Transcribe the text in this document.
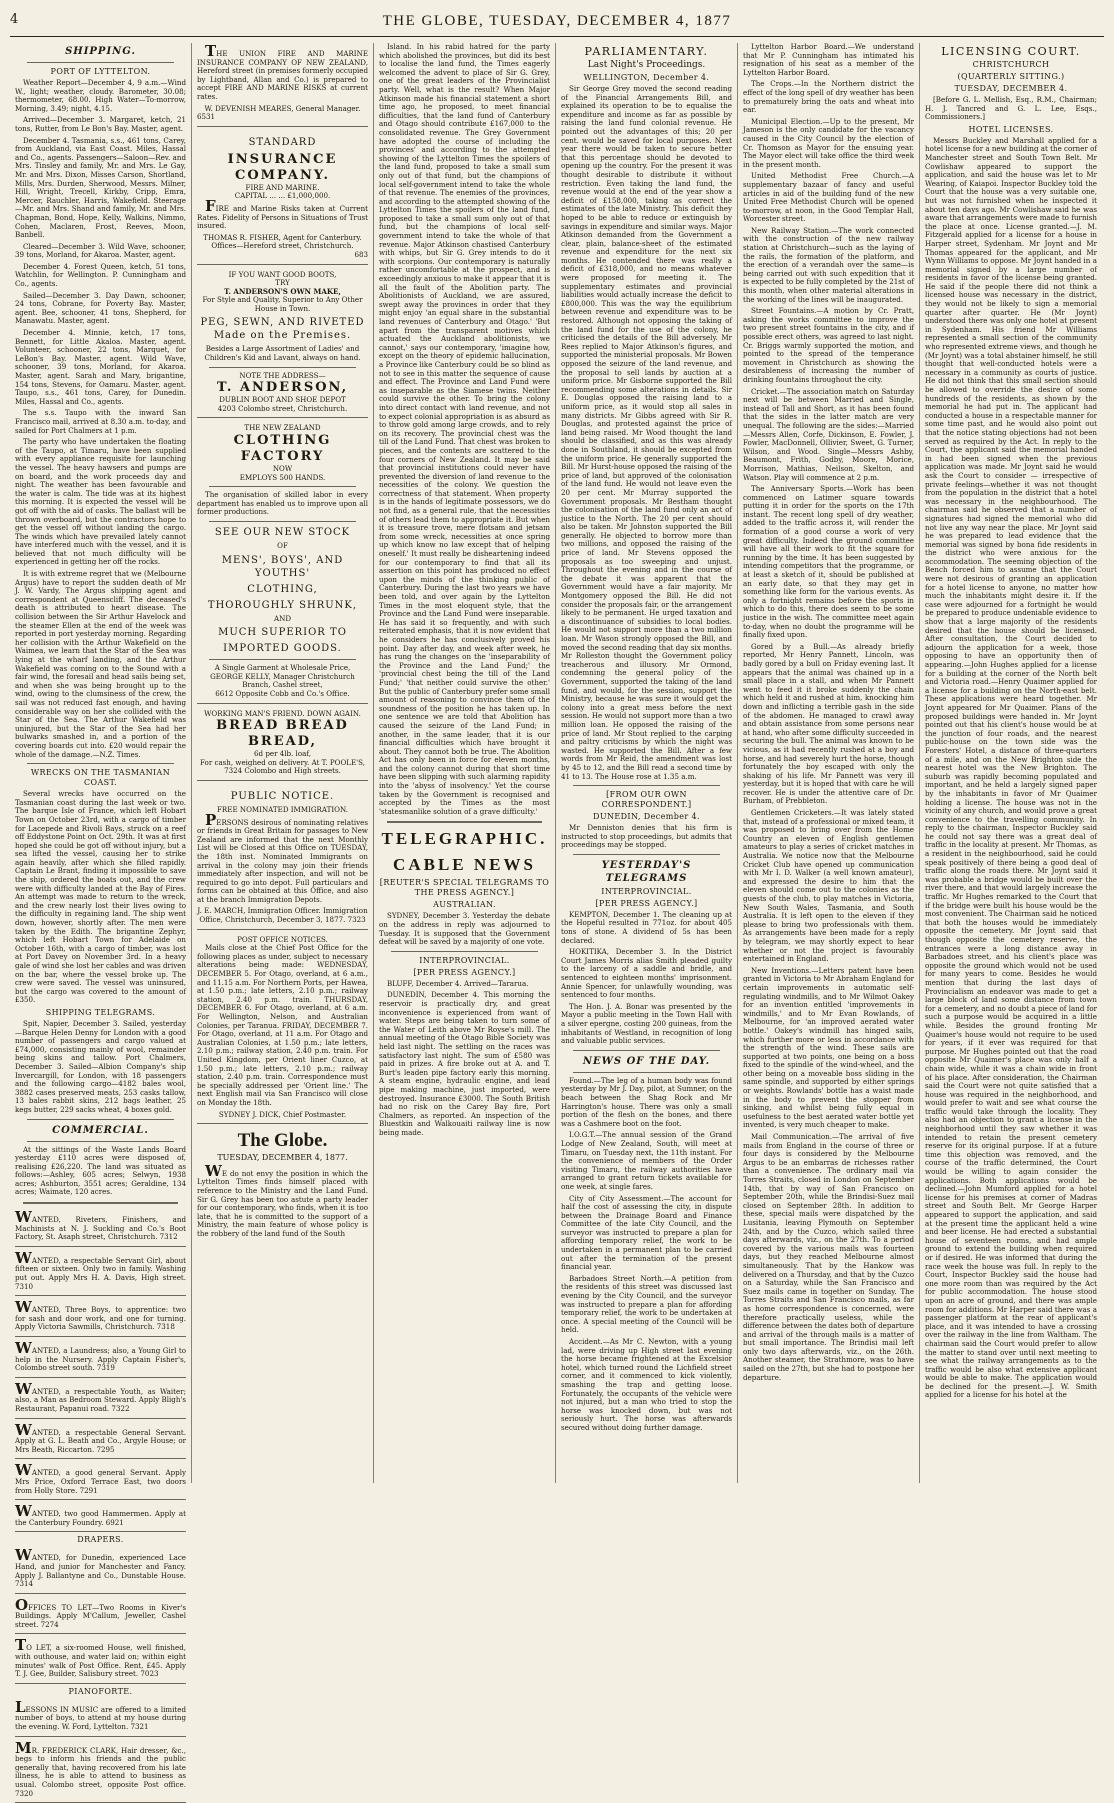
4	THE GLOBE, TUESDAY, DECEMBER 4, 1877
SHIPPING.
PORT OF LYTTELTON.

Weather Report—December 4, 9 a.m.—Wind W., light; weather, cloudy. Barometer, 30.08; thermometer, 68.00. High Water—To-morrow, Morning, 3.49; night, 4.15.

Arrived—December 3. Margaret, ketch, 21 tons, Rutter, from Le Bon's Bay. Master, agent.

December 4. Tasmania, s.s., 461 tons, Carey, from Auckland, via East Coast. Miles, Hassal and Co., agents. Passengers—Saloon—Rev. and Mrs. Tinsley and family, Mr. and Mrs. Le Gay, Mr. and Mrs. Dixon, Misses Carson, Shortland, Mills, Mrs. Durden, Sherwood, Messrs. Milner, Hill, Wright, Trecell, Kirkby, Cripp, Emra, Mercer, Rauchler, Harris, Wakefield. Steerage—Mr. and Mrs. Shand and family, Mr. and Mrs. Chapman, Bond, Hope, Kelly, Walkins, Nimmo, Cohen, Maclaren, Frost, Reeves, Moon, Banbell.

Cleared—December 3. Wild Wave, schooner, 39 tons, Morland, for Akaroa. Master, agent.

December 4. Forest Queen, ketch, 51 tons, Watchlin, for Wellington. P. Cunningham and Co., agents.

Sailed—December 3. Day Dawn, schooner, 24 tons, Cobrane, for Poverty Bay. Master, agent. Bee, schooner, 41 tons, Shepherd, for Manawatu. Master, agent.

December 4. Minnie, ketch, 17 tons, Bennett, for Little Akaloa. Master, agent. Volunteer, schooner, 22 tons, Marquet, for LeBon's Bay. Master, agent. Wild Wave, schooner, 39 tons, Morland, for Akaroa. Master, agent. Sarah and Mary, brigantine, 154 tons, Stevens, for Oamaru. Master, agent. Taupo, s.s., 461 tons, Carey, for Dunedin. Miles, Hassal and Co., agents.

The s.s. Taupo with the inward San Francisco mail, arrived at 8.30 a.m. to-day, and sailed for Port Chalmers at 1 p.m.

The party who have undertaken the floating of the Taupo, at Timaru, have been supplied with every appliance requisite for launching the vessel. The heavy hawsers and pumps are on board, and the work proceeds day and night. The weather has been favourable and the water is calm. The tide was at its highest this morning. It is expected the vessel will be got off with the aid of casks. The ballast will be thrown overboard, but the contractors hope to get the vessel off without landing the cargo. The winds which have prevailed lately cannot have interfered much with the vessel, and it is believed that not much difficulty will be experienced in getting her off the rocks.

It is with extreme regret that we (Melbourne Argus) have to report the sudden death of Mr J. W. Vardy, The Argus shipping agent and correspondent at Queenscliff. The deceased's death is attributed to heart disease. The collision between the Sir Arthur Havelock and the steamer Ellen at the end of the week was reported in port yesterday morning. Regarding her collision with the Arthur Wakefield on the Waimea, we learn that the Star of the Sea was lying at the wharf landing, and the Arthur Wakefield was coming on to the Sound with a fair wind, the foresail and head sails being set, and when she was being brought up to the wind, owing to the clumsiness of the crew, the sail was not reduced fast enough, and having considerable way on her she collided with the Star of the Sea. The Arthur Wakefield was uninjured, but the Star of the Sea had her bulwarks smashed in, and a portion of the covering boards cut into. £20 would repair the whole of the damage.—N.Z. Times.

WRECKS ON THE TASMANIAN COAST.

Several wrecks have occurred on the Tasmanian coast during the last week or two. The barque Isle of France, which left Hobart Town on October 23rd, with a cargo of timber for Lacepede and Rivoli Bays, struck on a reef off Eddystone Point on Oct. 29th. It was at first hoped she could be got off without injury, but a sea lifted the vessel, causing her to strike again heavily, after which she filled rapidly. Captain Le Brant, finding it impossible to save the ship, ordered the boats out, and the crew were with difficulty landed at the Bay of Fires. An attempt was made to return to the wreck, and the crew nearly lost their lives owing to the difficulty in regaining land. The ship went down, however, shortly after. The men were taken by the Edith. The brigantine Zephyr, which left Hobart Town for Adelaide on October 16th, with a cargo of timber, was lost at Port Davey on November 3rd. In a heavy gale of wind she lost her cables and was driven on the bar, where the vessel broke up. The crew were saved. The vessel was uninsured, but the cargo was covered to the amount of £350.

SHIPPING TELEGRAMS.

Spit, Napier, December 3. Sailed, yesterday—Barque Helen Denny for London with a good number of passengers and cargo valued at £74,000, consisting mainly of wool, remainder being skins and tallow. Port Chalmers, December 3. Sailed—Albion Company's ship Invercargill, for London, with 18 passengers and the following cargo—4182 bales wool, 3882 cases preserved meats, 253 casks tallow, 13 bales rabbit skins, 212 bags leather, 25 kegs butter, 229 sacks wheat, 4 boxes gold.

COMMERCIAL.

At the sittings of the Waste Lands Board yesterday £110 acres were disposed of, realising £26,220. The land was situated as follows:—Ashley, 605 acres; Selwyn, 1938 acres; Ashburton, 3551 acres; Geraldine, 134 acres; Waimate, 120 acres.

WANTED, Riveters, Finishers, and Machinists at N. J. Suckling and Co.'s Boot Factory, St. Asaph street, Christchurch. 7312
WANTED, a respectable Servant Girl, about fifteen or sixteen. Only two in family. Washing put out. Apply Mrs H. A. Davis, High street. 7310
WANTED, Three Boys, to apprentice: two for sash and door work, and one for turning. Apply Victoria Sawmills, Christchurch. 7318
WANTED, a Laundress; also, a Young Girl to help in the Nursery. Apply Captain Fisher's, Colombo street south. 7319
WANTED, a respectable Youth, as Waiter; also, a Man as Bedroom Steward. Apply Bligh's Restaurant, Papanui road. 7322
WANTED, a respectable General Servant. Apply at G. L. Beath and Co., Argyle House; or Mrs Beath, Riccarton. 7295
WANTED, a good general Servant. Apply Mrs Price, Oxford Terrace East, two doors from Holly Store. 7291
WANTED, two good Hammermen. Apply at the Canterbury Foundry. 6921
DRAPERS.
WANTED, for Dunedin, experienced Lace Hand, and junior for Manchester and Fancy. Apply J. Ballantyne and Co., Dunstable House. 7314
OFFICES TO LET—Two Rooms in Kiver's Buildings. Apply M'Callum, Jeweller, Cashel street. 7274
TO LET, a six-roomed House, well finished, with outhouse, and water laid on; within eight minutes' walk of Post Office. Rent, £45. Apply T. J. Gee, Builder, Salisbury street. 7023
PIANOFORTE.
LESSONS IN MUSIC are offered to a limited number of boys, to attend at my house during the evening. W. Ford, Lyttelton. 7321
MR. FREDERICK CLARK, Hair dresser, &c., begs to inform his friends and the public generally that, having recovered from his late illness, he is able to attend to business as usual. Colombo street, opposite Post office. 7320

THE UNION FIRE AND MARINE INSURANCE COMPANY OF NEW ZEALAND, Hereford street (in premises formerly occupied by Lightband, Allan and Co.) is prepared to accept FIRE AND MARINE RISKS at current rates.

W. DEVENISH MEARES, General Manager.
6531
STANDARD
INSURANCE COMPANY.
FIRE AND MARINE.
CAPITAL ... ... £1,000,000.

FIRE and Marine Risks taken at Current Rates. Fidelity of Persons in Situations of Trust insured.

THOMAS R. FISHER, Agent for Canterbury. Offices—Hereford street, Christchurch.
683
IF YOU WANT GOOD BOOTS,
TRY
T. ANDERSON'S OWN MAKE,
For Style and Quality, Superior to Any Other House in Town.
PEG, SEWN, AND RIVETED Made on the Premises.
Besides a Large Assortment of Ladies' and Children's Kid and Lavant, always on hand.
NOTE THE ADDRESS—
T. ANDERSON,
DUBLIN BOOT AND SHOE DEPOT
4203 Colombo street, Christchurch.
THE NEW ZEALAND
CLOTHING FACTORY
NOW
EMPLOYS 500 HANDS.

The organisation of skilled labor in every department has enabled us to improve upon all former productions.

SEE OUR NEW STOCK
OF
MENS', BOYS', AND YOUTHS'
CLOTHING,
THOROUGHLY SHRUNK,
AND
MUCH SUPERIOR TO
IMPORTED GOODS.
A Single Garment at Wholesale Price,
GEORGE KELLY, Manager Christchurch Branch, Cashel street,
6612 Opposite Cobb and Co.'s Office.
WORKING MAN'S FRIEND. DOWN AGAIN.
BREAD BREAD BREAD,
6d per 4lb. loaf,
For cash, weighed on delivery. At T. POOLE'S,
7324 Colombo and High streets.
PUBLIC NOTICE.
FREE NOMINATED IMMIGRATION.

PERSONS desirous of nominating relatives or friends in Great Britain for passages to New Zealand are informed that the next Monthly List will be Closed at this Office on TUESDAY, the 18th inst. Nominated Immigrants on arrival in the colony may join their friends immediately after inspection, and will not be required to go into depot. Full particulars and forms can be obtained at this Office, and also at the branch Immigration Depots.

J. E. MARCH, Immigration Officer. Immigration Office, Christchurch, December 3, 1877. 7323
POST OFFICE NOTICES.

Mails close at the Chief Post Office for the following places as under, subject to necessary alterations being made: WEDNESDAY, DECEMBER 5. For Otago, overland, at 6 a.m., and 11.15 a.m. For Northern Ports, per Hawea, at 1.50 p.m.; late letters, 2.10 p.m.; railway station, 2.40 p.m. train. THURSDAY, DECEMBER 6. For Otago, overland, at 6 a.m. For Wellington, Nelson, and Australian Colonies, per Taranua. FRIDAY, DECEMBER 7. For Otago, overland, at 11 a.m. For Otago and Australian Colonies, at 1.50 p.m.; late letters, 2.10 p.m.; railway station, 2.40 p.m. train. For United Kingdom, per Orient liner Cuzco, at 1.50 p.m.; late letters, 2.10 p.m.; railway station, 2.40 p.m. train. Correspondence must be specially addressed per 'Orient line.' The next English mail via San Francisco will close on Monday the 18th.

SYDNEY J. DICK, Chief Postmaster.
The Globe.
TUESDAY, DECEMBER 4, 1877.

WE do not envy the position in which the Lyttelton Times finds himself placed with reference to the Ministry and the Land Fund. Sir G. Grey has been too astute a party leader for our contemporary, who finds, when it is too late, that he is committed to the support of a Ministry, the main feature of whose policy is the robbery of the land fund of the South

Island. In his rabid hatred for the party which abolished the provinces, but did its best to localise the land fund, the Times eagerly welcomed the advent to place of Sir G. Grey, one of the great leaders of the Provincialist party. Well, what is the result? When Major Atkinson made his financial statement a short time ago, he proposed, to meet financial difficulties, that the land fund of Canterbury and Otago should contribute £167,000 to the consolidated revenue. The Grey Government have adopted the course of including the provinces' and according to the attempted showing of the Lyttelton Times the spoilers of the land fund, proposed to take a small sum only out of that fund, but the champions of local self-government intend to take the whole of that revenue. The enemies of the provinces, and according to the attempted showing of the Lyttelton Times the spoilers of the land fund, proposed to take a small sum only out of that fund, but the champions of local self-government intend to take the whole of that revenue. Major Atkinson chastised Canterbury with whips, but Sir G. Grey intends to do it with scorpions. Our contemporary is naturally rather uncomfortable at the prospect, and is exceedingly anxious to make it appear that it is all the fault of the Abolition party. The Abolitionists of Auckland, we are assured, swept away the provinces in order that they might enjoy 'an equal share in the substantial land revenues of Canterbury and Otago.' 'But apart from the transparent motives which actuated the Auckland abolitionists, we cannot,' says our contemporary, 'imagine how, except on the theory of epidemic hallucination, a Province like Canterbury could be so blind as not to see in this matter the sequence of cause and effect. The Province and Land Fund were as inseparable as the Siamese twins. Neither could survive the other. To bring the colony into direct contact with land revenue, and not to expect colonial appropriation is as absurd as to throw gold among large crowds, and to rely on its recovery. The provincial chest was the till of the Land Fund. That chest was broken to pieces, and the contents are scattered to the four corners of New Zealand. It may be said that provincial institutions could never have prevented the diversion of land revenue to the necessities of the colony. We question the correctness of that statement. When property is in the hands of legitimate possessors, we do not find, as a general rule, that the necessities of others lead them to appropriate it. But when it is treasure trove, mere flotsam and jetsam from some wreck, necessities at once spring up which know no law except that of helping oneself.' It must really be disheartening indeed for our contemporary to find that all its assertion on this point has produced no effect upon the minds of the thinking public of Canterbury. During the last two years we have been told, and over again by the Lyttelton Times in the most eloquent style, that the Province and the Land Fund were inseparable. He has said it so frequently, and with such reiterated emphasis, that it is now evident that he considers he has conclusively proved his point. Day after day, and week after week, he has rung the changes on the 'inseparability of the Province and the Land Fund;' the 'provincial chest being the till of the Land Fund;' 'that neither could survive the other.' But the public of Canterbury prefer some small amount of reasoning to convince them of the soundness of the position he has taken up. In one sentence we are told that Abolition has caused the seizure of the Land Fund; in another, in the same leader, that it is our financial difficulties which have brought it about. They cannot both be true. The Abolition Act has only been in force for eleven months, and the colony cannot during that short time have been slipping with such alarming rapidity into the 'abyss of insolvency.' Yet the course taken by the Government is recognised and accepted by the Times as the most 'statesmanlike solution of a grave difficulty.'

TELEGRAPHIC.
CABLE NEWS
[REUTER'S SPECIAL TELEGRAMS TO THE PRESS AGENCY.]
AUSTRALIAN.

SYDNEY, December 3. Yesterday the debate on the address in reply was adjourned to Tuesday. It is supposed that the Government defeat will be saved by a majority of one vote.

INTERPROVINCIAL.
[PER PRESS AGENCY.]

BLUFF, December 4. Arrived—Tararua.

DUNEDIN, December 4. This morning the reservoir is practically dry, and great inconvenience is experienced from want of water. Steps are being taken to turn some of the Water of Leith above Mr Royse's mill. The annual meeting of the Otago Bible Society was held last night. The settling on the races was satisfactory last night. The sum of £580 was paid in prizes. A fire broke out at A. and T. Burt's leaden pipe factory early this morning. A steam engine, hydraulic engine, and lead pipe making machine, just imported, were destroyed. Insurance £3000. The South British had no risk on the Carey Bay fire, Port Chalmers, as reported. An inspection of the Bluestkin and Walkouaiti railway line is now being made.

PARLIAMENTARY.
Last Night's Proceedings.
WELLINGTON, December 4.

Sir George Grey moved the second reading of the Financial Arrangements Bill, and explained its operation to be to equalise the expenditure and income as far as possible by raising the land fund colonial revenue. He pointed out the advantages of this; 20 per cent. would be saved for local purposes. Next year there would be taken to secure better that this percentage should be devoted to opening up the country. For the present it was thought desirable to distribute it without restriction. Even taking the land fund, the revenue would at the end of the year show a deficit of £158,000, taking as correct the estimates of the late Ministry. This deficit they hoped to be able to reduce or extinguish by savings in expenditure and similar ways. Major Atkinson demanded from the Government a clear, plain, balance-sheet of the estimated revenue and expenditure for the next six months. He contended there was really a deficit of £318,000, and no means whatever were proposed for meeting it. The supplementary estimates and provincial liabilities would actually increase the deficit to £800,000. This was the way the equilibrium between revenue and expenditure was to be restored. Although not opposing the taking of the land fund for the use of the colony, he criticised the details of the Bill adversely. Mr Rees replied to Major Atkinson's figures, and supported the ministerial proposals. Mr Bowen opposed the seizure of the land revenue, and the proposal to sell lands by auction at a uniform price. Mr Gisborne supported the Bill recommending some alterations in details. Sir E. Douglas opposed the raising land to a uniform price, as it would stop all sales in many districts. Mr Gibbs agreed with Sir R. Douglas, and protested against the price of land being raised. Mr Wood thought the land should be classified, and as this was already done in Southland, it should be excepted from the uniform price. He generally supported the Bill. Mr Hurst-house opposed the raising of the price of land, but approved of the colonisation of the land fund. He would not leave even the 20 per cent. Mr Murray supported the Government proposals. Mr Bestham thought the colonisation of the land fund only an act of justice to the North. The 20 per cent should also be taken. Mr Johnston supported the Bill generally. He objected to borrow more than two millions, and opposed the raising of the price of land. Mr Stevens opposed the proposals as too sweeping and unjust. Throughout the evening and in the course of the debate it was apparent that the Government would have a fair majority. Mr Montgomery opposed the Bill. He did not consider the proposals fair, or the arrangement likely to be permanent. He urged taxation and a discontinuance of subsidies to local bodies. He would not support more than a two million loan. Mr Wason strongly opposed the Bill, and moved the second reading that day six months. Mr Rolleston thought the Government policy treacherous and illusory. Mr Ormond, condemning the general policy of the Government, supported the taking of the land fund, and would, for the session, support the Ministry, because he was sure it would get the colony into a great mess before the next session. He would not support more than a two million loan. He opposed the raising of the price of land. Mr Stout replied to the carping and paltry criticisms by which the night was wasted. He supported the Bill. After a few words from Mr Reid, the amendment was lost by 45 to 12, and the Bill read a second time by 41 to 13. The House rose at 1.35 a.m.

[FROM OUR OWN CORRESPONDENT.]
DUNEDIN, December 4.

Mr Denniston denies that his firm is instructed to stop proceedings, but admits that proceedings may be stopped.

YESTERDAY'S TELEGRAMS
INTERPROVINCIAL.
[PER PRESS AGENCY.]

KEMPTON, December 1. The cleaning up at the Hopeful resulted in 771oz. for about 405 tons of stone. A dividend of 5s has been declared.

HOKITIKA, December 3. In the District Court James Morris alias Smith pleaded guilty to the larceny of a saddle and bridle, and sentenced to eighteen months' imprisonment. Annie Spencer, for unlawfully wounding, was sentenced to four months.

The Hon. J. A. Bonar was presented by the Mayor a public meeting in the Town Hall with a silver epergne, costing 200 guineas, from the inhabitants of Westland, in recognition of long and valuable public services.

NEWS OF THE DAY.

Found.—The leg of a human body was found yesterday by Mr J. Day, pilot, at Sumner, on the beach between the Shag Rock and Mr Harrington's house. There was only a small portion of the flesh on the bones, and there was a Cashmere boot on the foot.

I.O.G.T.—The annual session of the Grand Lodge of New Zealand, South, will meet at Timaru, on Tuesday next, the 11th instant. For the convenience of members of the Order visiting Timaru, the railway authorities have arranged to grant return tickets available for one week, at single fares.

City of City Assessment.—The account for half the cost of assessing the city, in dispute between the Drainage Board and Finance Committee of the late City Council, and the surveyor was instructed to prepare a plan for affording temporary relief, the work to be undertaken in a permanent plan to be carried out after the termination of the present financial year.

Barbadoes Street North.—A petition from the residents of this street was discussed last evening by the City Council, and the surveyor was instructed to prepare a plan for affording temporary relief, the work to be undertaken at once. A special meeting of the Council will be held.

Accident.—As Mr C. Newton, with a young lad, were driving up High street last evening the horse became frightened at the Excelsior hotel, which turned round the Lichfield street corner, and it commenced to kick violently, smashing the trap and getting loose. Fortunately, the occupants of the vehicle were not injured, but a man who tried to stop the horse was knocked down, but was not seriously hurt. The horse was afterwards secured without doing further damage.

Lyttelton Harbor Board.—We understand that Mr P. Cunningham has intimated his resignation of his seat as a member of the Lyttelton Harbor Board.

The Crops.—In the Northern district the effect of the long spell of dry weather has been to prematurely bring the oats and wheat into ear.

Municipal Election.—Up to the present, Mr Jameson is the only candidate for the vacancy caused in the City Council by the election of Cr. Thomson as Mayor for the ensuing year. The Mayor elect will take office the third week in the present month.

United Methodist Free Church.—A supplementary bazaar of fancy and useful articles in aid of the building fund of the new United Free Methodist Church will be opened to-morrow, at noon, in the Good Templar Hall, Worcester street.

New Railway Station.—The work connected with the construction of the new railway station at Christchurch—such as the laying of the rails, the formation of the platform, and the erection of a verandah over the same—is being carried out with such expedition that it is expected to be fully completed by the 21st of this month, when other material alterations in the working of the lines will be inaugurated.

Street Fountains.—A motion by Cr. Pratt, asking the works committee to improve the two present street fountains in the city, and if possible erect others, was agreed to last night. Cr. Briggs warmly supported the motion, and pointed to the spread of the temperance movement in Christchurch as showing the desirableness of increasing the number of drinking fountains throughout the city.

Cricket.—The association match on Saturday next will be between Married and Single, instead of Tall and Short, as it has been found that the sides in the latter match are very unequal. The following are the sides:—Married—Messrs Allen, Corfe, Dickinson, E. Fowler, J. Fowler, MacDonnell, Ollivier, Sweet, G. Turner, Wilson, and Wood. Single—Messrs Ashby, Beaumont, Frith, Godby, Moore, Morice, Morrison, Mathias, Neilson, Skelton, and Watson. Play will commence at 2 p.m.

The Anniversary Sports.—Work has been commenced on Latimer square towards putting it in order for the sports on the 17th instant. The recent long spell of dry weather, added to the traffic across it, will render the formation of a good course a work of very great difficulty. Indeed the ground committee will have all their work to fit the square for running by the time. It has been suggested by intending competitors that the programme, or at least a sketch of it, should be published at an early date, so that they may get in something like form for the various events. As only a fortnight remains before the sports in which to do this, there does seem to be some justice in the wish. The committee meet again to-day, when no doubt the programme will be finally fixed upon.

Gored by a Bull.—As already briefly reported, Mr Henry Pannett, Lincoln, was badly gored by a bull on Friday evening last. It appears that the animal was chained up in a small place in a stall, and when Mr Pannett went to feed it it broke suddenly the chain which held it and rushed at him, knocking him down and inflicting a terrible gash in the side of the abdomen. He managed to crawl away and obtain assistance from some persons near at hand, who after some difficulty succeeded in securing the bull. The animal was known to be vicious, as it had recently rushed at a boy and horse, and had severely hurt the horse, though fortunately the boy escaped with only the shaking of his life. Mr Pannett was very ill yesterday, but it is hoped that with care he will recover. He is under the attentive care of Dr. Burham, of Prebbleton.

Gentlemen Cricketers.—It was lately stated that, instead of a professional or mixed team, it was proposed to bring over from the Home Country an eleven of English gentlemen amateurs to play a series of cricket matches in Australia. We notice now that the Melbourne Cricket Club have opened up communication with Mr I. D. Walker (a well known amateur), and expressed the desire to him that the eleven should come out to the colonies as the guests of the club, to play matches in Victoria, New South Wales, Tasmania, and South Australia. It is left open to the eleven if they please to bring two professionals with them. As arrangements have been made for a reply by telegram, we may shortly expect to hear whether or not the project is favourably entertained in England.

New Inventions.—Letters patent have been granted in Victoria to Mr Abraham England for certain improvements in automatic self-regulating windmills, and to Mr Wilmot Oakey for an invention entitled 'improvements in windmills,' and to Mr Evan Rowlands, of Melbourne, for 'an improved aerated water bottle.' Oakey's windmill has hinged sails, which further more or less in accordance with the strength of the wind. These sails are supported at two points, one being on a boss fixed to the spindle of the wind-wheel, and the other being on a moveable boss sliding in the same spindle, and supported by either springs or weights. Rowlands' bottle has a waist made in the body to prevent the stopper from sinking, and whilst being fully equal in usefulness to the best aerated water bottle yet invented, is very much cheaper to make.

Mail Communication.—The arrival of five mails from England in the course of three or four days is considered by the Melbourne Argus to be an embarras de richesses rather than a convenience. The ordinary mail via Torres Straits, closed in London on September 14th, that by way of San Francisco on September 20th, while the Brindisi-Suez mail closed on September 28th. In addition to these, special mails were dispatched by the Lusitania, leaving Plymouth on September 24th, and by the Cuzco, which sailed three days afterwards, viz., on the 27th. To a period covered by the various mails was fourteen days, but they reached Melbourne almost simultaneously. That by the Hankow was delivered on a Thursday, and that by the Cuzco on a Saturday, while the San Francisco and Suez mails came in together on Sunday. The Torres Straits and San Francisco mails, as far as home correspondence is concerned, were therefore practically useless, while the difference between the dates both of departure and arrival of the through mails is a matter of but small importance. The Brindisi mail left only two days afterwards, viz., on the 26th. Another steamer, the Strathmore, was to have sailed on the 27th, but she had to postpone her departure.

LICENSING COURT.
CHRISTCHURCH
(QUARTERLY SITTING.)
TUESDAY, DECEMBER 4.

[Before G. L. Mellish, Esq., R.M., Chairman; H. J. Tancred and G. L. Lee, Esqs., Commissioners.]

HOTEL LICENSES.

Messrs Buckley and Marshall applied for a hotel license for a new building at the corner of Manchester street and South Town Belt. Mr Cowlishaw appeared to support the application, and said the house was let to Mr Wearing, of Kaiapoi. Inspector Buckley told the Court that the house was a very suitable one, but was not furnished when he inspected it about ten days ago. Mr Cowlishaw said he was aware that arrangements were made to furnish the place at once. License granted.—J. M. Fitzgerald applied for a license for a house in Harper street, Sydenham. Mr Joynt and Mr Thomas appeared for the applicant, and Mr Wynn Williams to oppose. Mr Joynt handed in a memorial signed by a large number of residents in favor of the license being granted. He said if the people there did not think a licensed house was necessary in the district, they would not be likely to sign a memorial quarter after quarter. He (Mr Joynt) understood there was only one hotel at present in Sydenham. His friend Mr Williams represented a small section of the community who represented extreme views, and though he (Mr Joynt) was a total abstainer himself, he still thought that well-conducted hotels were a necessary in a community as courts of justice. He did not think that this small section should be allowed to override the desire of some hundreds of the residents, as shown by the memorial he had put in. The applicant had conducted a house in a respectable manner for some time past, and he would also point out that the notice stating objections had not been served as required by the Act. In reply to the Court, the applicant said the memorial handed in had been signed when the previous application was made. Mr Joynt said he would ask the Court to consider — irrespective of private feelings—whether it was not thought from the population in the district that a hotel was necessary in the neighbourhood. The chairman said he observed that a number of signatures had signed the memorial who did not live any way near the place. Mr Joynt said he was prepared to lead evidence that the memorial was signed by bona fide residents in the district who were anxious for the accommodation. The seeming objection of the Bench forced him to assume that the Court were not desirous of granting an application for a hotel license to anyone, no matter how much the inhabitants might desire it. If the case were adjourned for a fortnight he would be prepared to produce undeniable evidence to show that a large majority of the residents desired that the house should be licensed. After consultation, the Court decided to adjourn the application for a week, those opposing to have an opportunity then of appearing.—John Hughes applied for a license for a building at the corner of the North belt and Victoria road.—Henry Quaimer applied for a license for a building on the North-east belt. These applications were heard together. Mr Joynt appeared for Mr Quaimer. Plans of the proposed buildings were handed in. Mr Joynt pointed out that his client's house would be at the junction of four roads, and the nearest public-house on the town side was the Foresters' Hotel, a distance of three-quarters of a mile, and on the New Brighton side the nearest hotel was the New Brighton. The suburb was rapidly becoming populated and important, and he held a largely signed paper by the inhabitants in favor of Mr Quaimer holding a license. The house was not in the vicinity of any church, and would prove a great convenience to the travelling community. In reply to the chairman, Inspector Buckley said he could not say there was a great deal of traffic in the locality at present. Mr Thomas, as a resident in the neighbourhood, said he could speak positively of there being a good deal of traffic along the roads there. Mr Joynt said it was probable a bridge would be built over the river there, and that would largely increase the traffic. Mr Hughes remarked to the Court that if the bridge were built his house would be the most convenient. The Chairman said he noticed that both the houses would be immediately opposite the cemetery. Mr Joynt said that though opposite the cemetery reserve, the entrances were a long distance away in Barbadoes street, and his client's place was opposite the ground which would not be used for many years to come. Besides he would mention that during the last days of Provincialism an endeavor was made to get a large block of land some distance from town for a cemetery, and no doubt a piece of land for such a purpose would be acquired in a little while. Besides the ground fronting Mr Quaimer's house would not require to be used for years, if it ever was required for that purpose. Mr Hughes pointed out that the road opposite Mr Quaimer's place was only half a chain wide, while it was a chain wide in front of his place. After consideration, the Chairman said the Court were not quite satisfied that a house was required in the neighborhood, and would prefer to wait and see what course the traffic would take through the locality. They also had an objection to grant a license in the neighborhood until they saw whether it was intended to retain the present cemetery reserve for its original purpose. If at a future time this objection was removed, and the course of the traffic determined, the Court would be willing to again consider the applications. Both applications would be declined.—John Mumford applied for a hotel license for his premises at corner of Madras street and South Belt. Mr George Harper appeared to support the application, and said at the present time the applicant held a wine and beer license. He had erected a substantial house of seventeen rooms, and had ample ground to extend the building when required or if desired. He was informed that during the race week the house was full. In reply to the Court, Inspector Buckley said the house had one more room than was required by the Act for public accommodation. The house stood upon an acre of ground, and there was ample room for additions. Mr Harper said there was a passenger platform at the rear of applicant's place, and it was intended to have a crossing over the railway in the line from Waltham. The chairman said the Court would prefer to allow the matter to stand over until next meeting to see what the railway arrangements as to the traffic would be also what extensive applicant would be able to make. The application would be declined for the present.—J. W. Smith applied for a license for his hotel at the
